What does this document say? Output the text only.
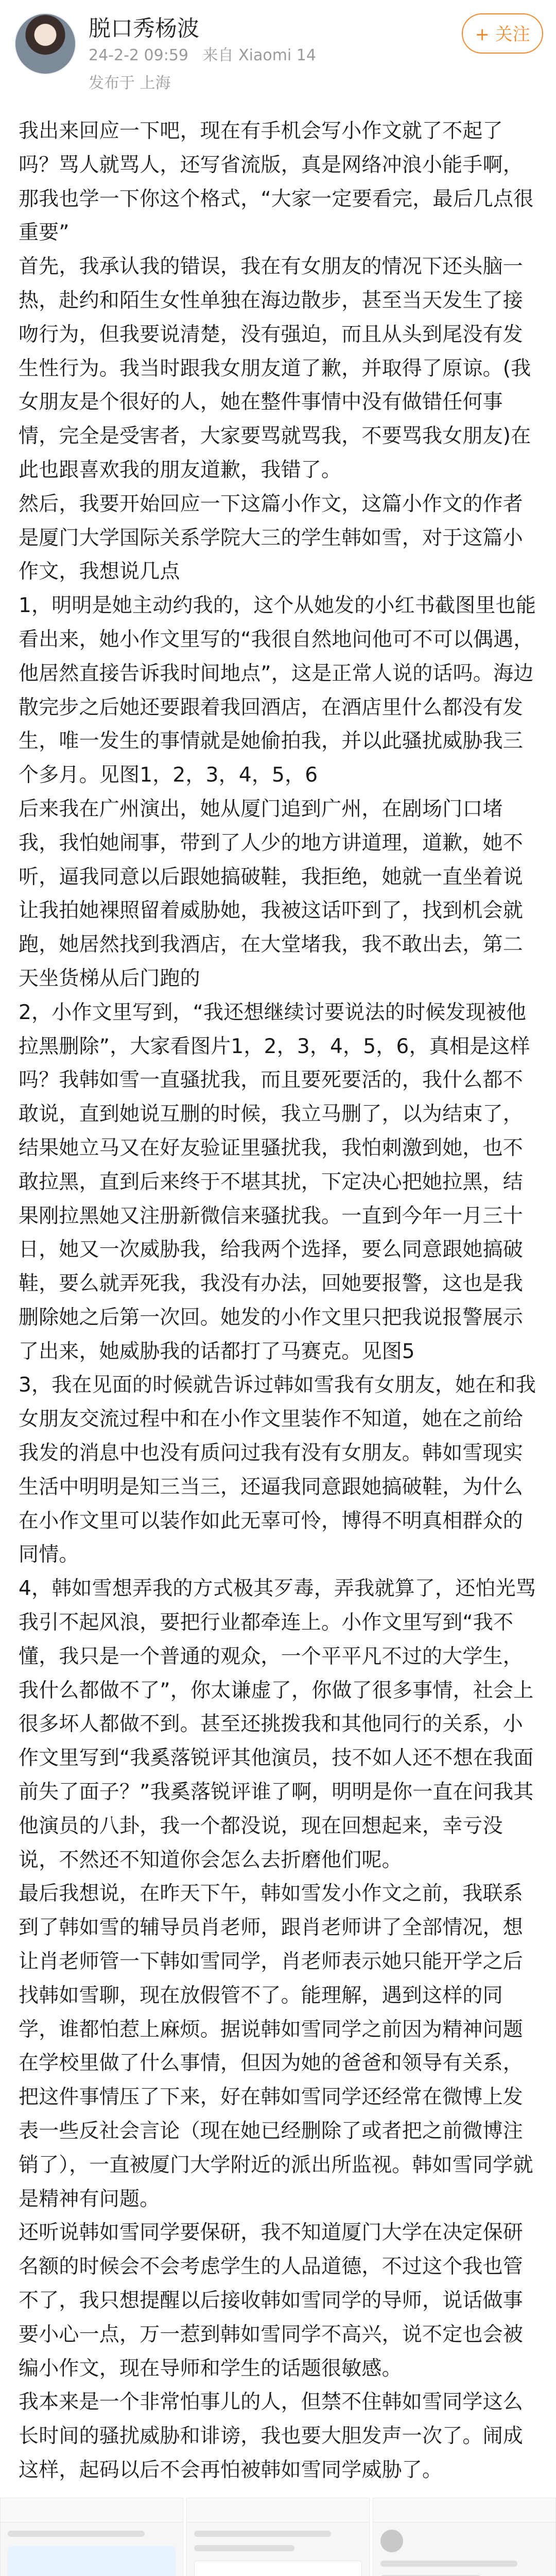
脱口秀杨波
24-2-2 09:59 来自 Xiaomi 14
发布于 上海
+ 关注
我出来回应一下吧，现在有手机会写小作文就了不起了吗？骂人就骂人，还写省流版，真是网络冲浪小能手啊，那我也学一下你这个格式，“大家一定要看完，最后几点很重要”
首先，我承认我的错误，我在有女朋友的情况下还头脑一热，赴约和陌生女性单独在海边散步，甚至当天发生了接吻行为，但我要说清楚，没有强迫，而且从头到尾没有发生性行为。我当时跟我女朋友道了歉，并取得了原谅。(我女朋友是个很好的人，她在整件事情中没有做错任何事情，完全是受害者，大家要骂就骂我，不要骂我女朋友)在此也跟喜欢我的朋友道歉，我错了。
然后，我要开始回应一下这篇小作文，这篇小作文的作者是厦门大学国际关系学院大三的学生韩如雪，对于这篇小作文，我想说几点
1，明明是她主动约我的，这个从她发的小红书截图里也能看出来，她小作文里写的“我很自然地问他可不可以偶遇，他居然直接告诉我时间地点”，这是正常人说的话吗。海边散完步之后她还要跟着我回酒店，在酒店里什么都没有发生，唯一发生的事情就是她偷拍我，并以此骚扰威胁我三个多月。见图1，2，3，4，5，6
后来我在广州演出，她从厦门追到广州，在剧场门口堵我，我怕她闹事，带到了人少的地方讲道理，道歉，她不听，逼我同意以后跟她搞破鞋，我拒绝，她就一直坐着说让我拍她裸照留着威胁她，我被这话吓到了，找到机会就跑，她居然找到我酒店，在大堂堵我，我不敢出去，第二天坐货梯从后门跑的
2，小作文里写到，“我还想继续讨要说法的时候发现被他拉黑删除”，大家看图片1，2，3，4，5，6，真相是这样吗？我韩如雪一直骚扰我，而且要死要活的，我什么都不敢说，直到她说互删的时候，我立马删了，以为结束了，结果她立马又在好友验证里骚扰我，我怕刺激到她，也不敢拉黑，直到后来终于不堪其扰，下定决心把她拉黑，结果刚拉黑她又注册新微信来骚扰我。一直到今年一月三十日，她又一次威胁我，给我两个选择，要么同意跟她搞破鞋，要么就弄死我，我没有办法，回她要报警，这也是我删除她之后第一次回。她发的小作文里只把我说报警展示了出来，她威胁我的话都打了马赛克。见图5
3，我在见面的时候就告诉过韩如雪我有女朋友，她在和我女朋友交流过程中和在小作文里装作不知道，她在之前给我发的消息中也没有质问过我有没有女朋友。韩如雪现实生活中明明是知三当三，还逼我同意跟她搞破鞋，为什么在小作文里可以装作如此无辜可怜，博得不明真相群众的同情。
4，韩如雪想弄我的方式极其歹毒，弄我就算了，还怕光骂我引不起风浪，要把行业都牵连上。小作文里写到“我不懂，我只是一个普通的观众，一个平平凡不过的大学生，我什么都做不了”，你太谦虚了，你做了很多事情，社会上很多坏人都做不到。甚至还挑拨我和其他同行的关系，小作文里写到“我奚落锐评其他演员，技不如人还不想在我面前失了面子？”我奚落锐评谁了啊，明明是你一直在问我其他演员的八卦，我一个都没说，现在回想起来，幸亏没说，不然还不知道你会怎么去折磨他们呢。
最后我想说，在昨天下午，韩如雪发小作文之前，我联系到了韩如雪的辅导员肖老师，跟肖老师讲了全部情况，想让肖老师管一下韩如雪同学，肖老师表示她只能开学之后找韩如雪聊，现在放假管不了。能理解，遇到这样的同学，谁都怕惹上麻烦。据说韩如雪同学之前因为精神问题在学校里做了什么事情，但因为她的爸爸和领导有关系，把这件事情压了下来，好在韩如雪同学还经常在微博上发表一些反社会言论（现在她已经删除了或者把之前微博注销了），一直被厦门大学附近的派出所监视。韩如雪同学就是精神有问题。
还听说韩如雪同学要保研，我不知道厦门大学在决定保研名额的时候会不会考虑学生的人品道德，不过这个我也管不了，我只想提醒以后接收韩如雪同学的导师，说话做事要小心一点，万一惹到韩如雪同学不高兴，说不定也会被编小作文，现在导师和学生的话题很敏感。
我本来是一个非常怕事儿的人，但禁不住韩如雪同学这么长时间的骚扰威胁和诽谤，我也要大胆发声一次了。闹成这样，起码以后不会再怕被韩如雪同学威胁了。
